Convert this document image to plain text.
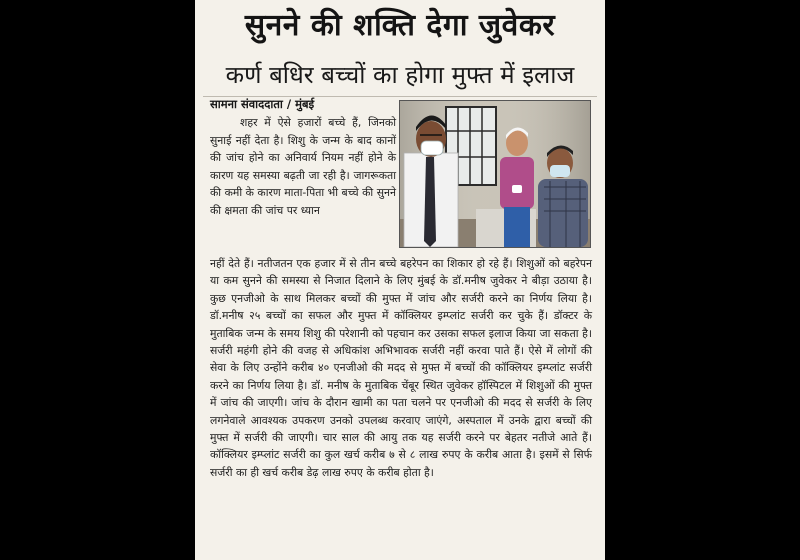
सुनने की शक्ति देगा जुवेकर
कर्ण बधिर बच्चों का होगा मुफ्त में इलाज
सामना संवाददाता / मुंबई
शहर में ऐसे हजारों बच्चे हैं, जिनको सुनाई नहीं देता है। शिशु के जन्म के बाद कानों की जांच होने का अनिवार्य नियम नहीं होने के कारण यह समस्या बढ़ती जा रही है। जागरूकता की कमी के कारण माता-पिता भी बच्चे की सुनने की क्षमता की जांच पर ध्यान
नहीं देते हैं। नतीजतन एक हजार में से तीन बच्चे बहरेपन का शिकार हो रहे हैं। शिशुओं को बहरेपन या कम सुनने की समस्या से निजात दिलाने के लिए मुंबई के डॉ.मनीष जुवेकर ने बीड़ा उठाया है। कुछ एनजीओ के साथ मिलकर बच्चों की मुफ्त में जांच और सर्जरी करने का निर्णय लिया है। डॉ.मनीष २५ बच्चों का सफल और मुफ्त में कॉक्लियर इम्प्लांट सर्जरी कर चुके हैं। डॉक्टर के मुताबिक जन्म के समय शिशु की परेशानी को पहचान कर उसका सफल इलाज किया जा सकता है। सर्जरी महंगी होने की वजह से अधिकांश अभिभावक सर्जरी नहीं करवा पाते हैं। ऐसे में लोगों की सेवा के लिए उन्होंने करीब ४० एनजीओ की मदद से मुफ्त में बच्चों की कॉक्लियर इम्प्लांट सर्जरी करने का निर्णय लिया है। डॉ. मनीष के मुताबिक चेंबूर स्थित जुवेकर हॉस्पिटल में शिशुओं की मुफ्त में जांच की जाएगी। जांच के दौरान खामी का पता चलने पर एनजीओ की मदद से सर्जरी के लिए लगनेवाले आवश्यक उपकरण उनको उपलब्ध करवाए जाएंगे, अस्पताल में उनके द्वारा बच्चों की मुफ्त में सर्जरी की जाएगी। चार साल की आयु तक यह सर्जरी करने पर बेहतर नतीजे आते हैं। कॉक्लियर इम्प्लांट सर्जरी का कुल खर्च करीब ७ से ८ लाख रुपए के करीब आता है। इसमें से सिर्फ सर्जरी का ही खर्च करीब डेढ़ लाख रुपए के करीब होता है।
